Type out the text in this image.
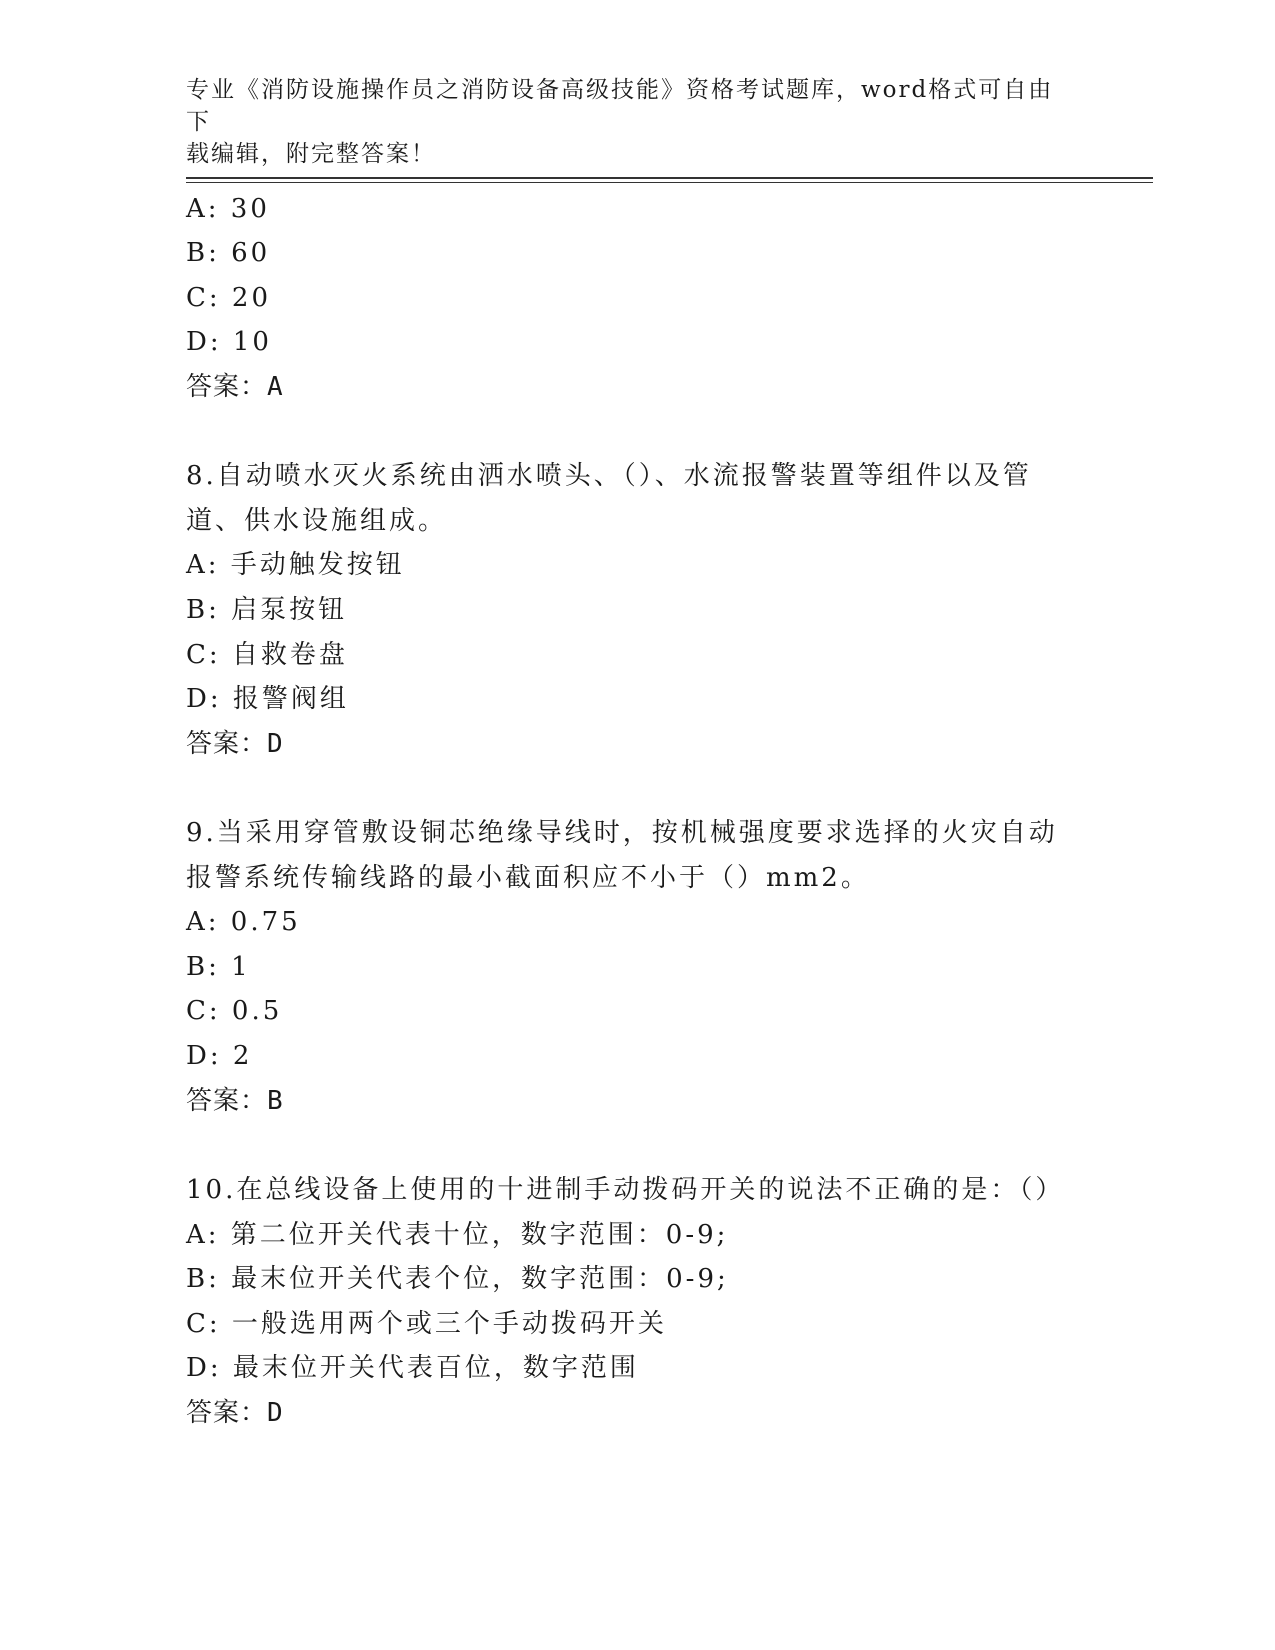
专业《消防设施操作员之消防设备高级技能》资格考试题库，word格式可自由下
载编辑，附完整答案！
A: 30
B: 60
C: 20
D: 10
答案：A
8.自动喷水灭火系统由洒水喷头、（）、水流报警装置等组件以及管
道、供水设施组成。
A: 手动触发按钮
B: 启泵按钮
C: 自救卷盘
D: 报警阀组
答案：D
9.当采用穿管敷设铜芯绝缘导线时，按机械强度要求选择的火灾自动
报警系统传输线路的最小截面积应不小于（）mm2。
A: 0.75
B: 1
C: 0.5
D: 2
答案：B
10.在总线设备上使用的十进制手动拨码开关的说法不正确的是：（）
A: 第二位开关代表十位，数字范围：0-9;
B: 最末位开关代表个位，数字范围：0-9;
C: 一般选用两个或三个手动拨码开关
D: 最末位开关代表百位，数字范围
答案：D
